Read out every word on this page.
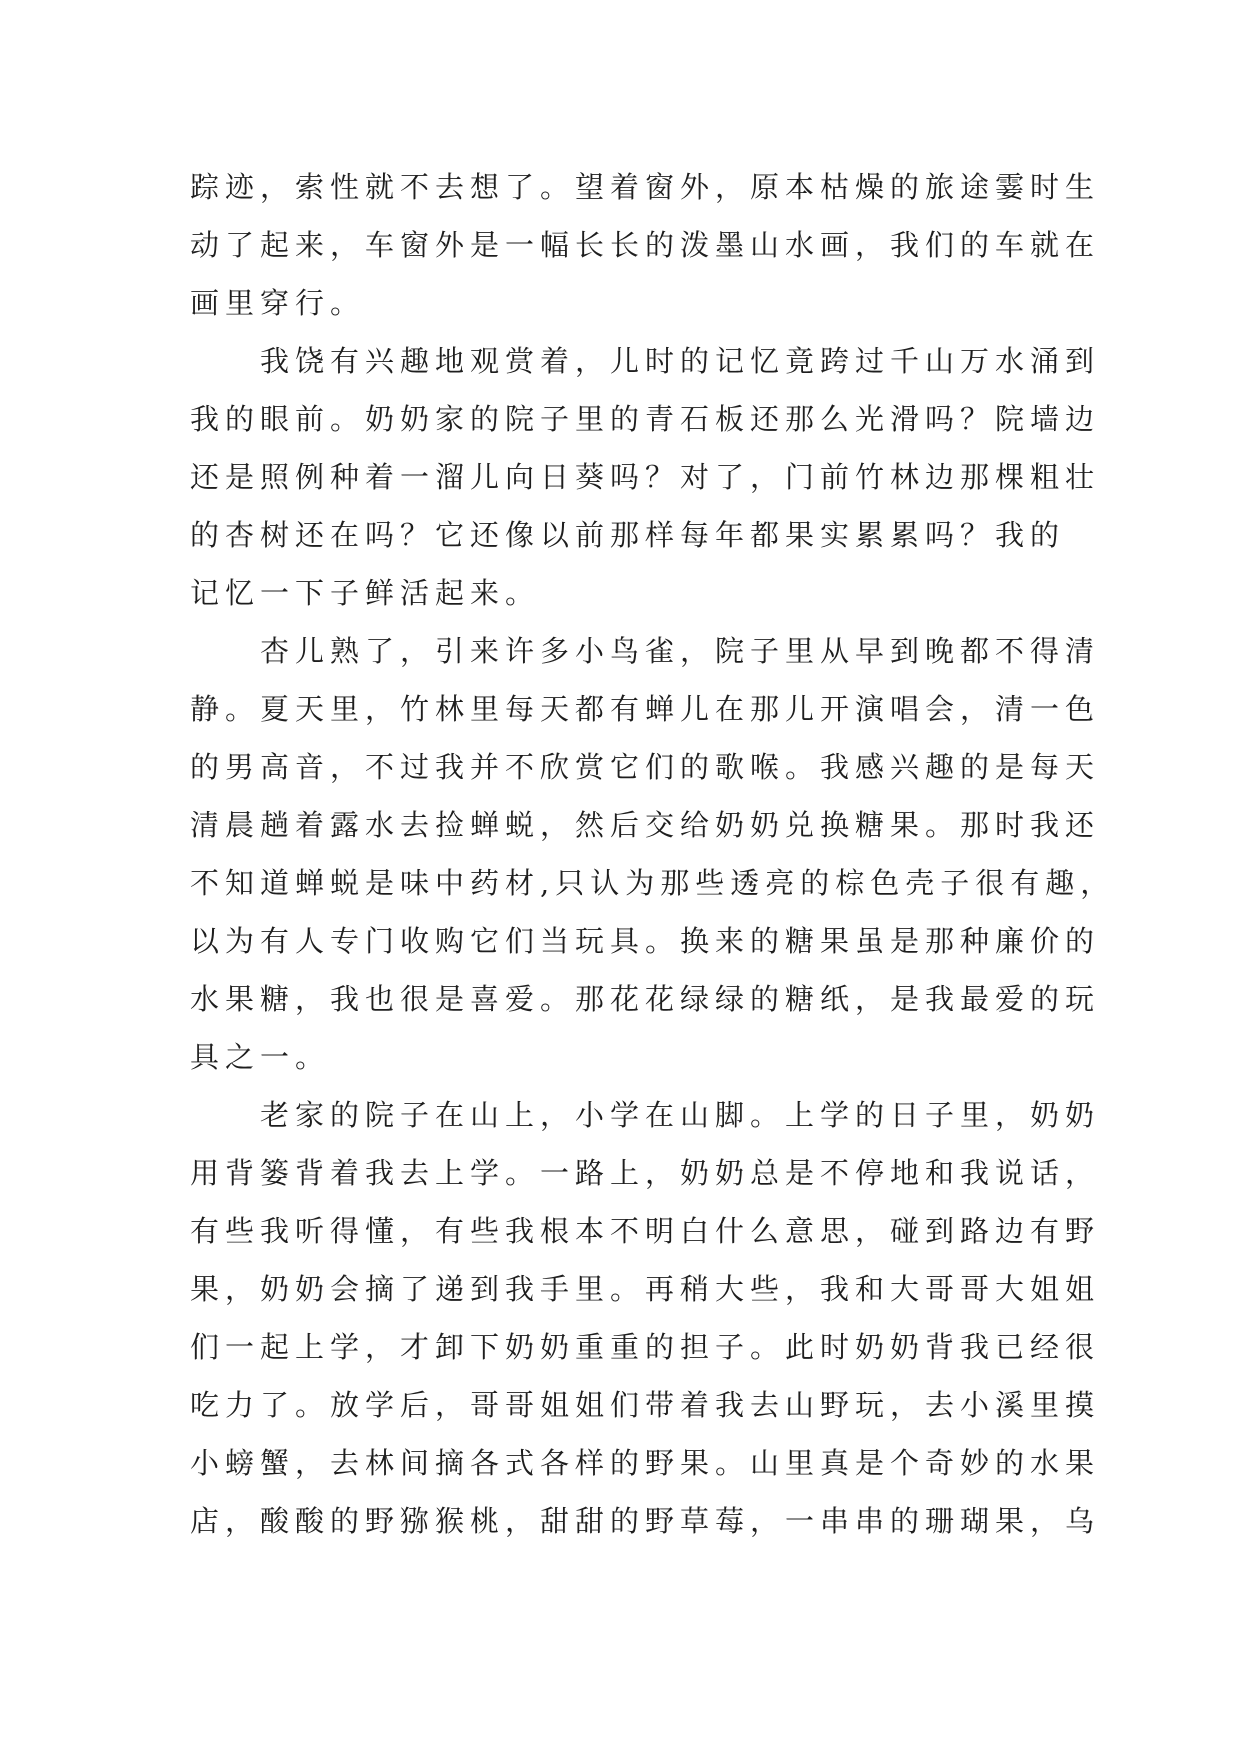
踪迹，索性就不去想了。望着窗外，原本枯燥的旅途霎时生
动了起来，车窗外是一幅长长的泼墨山水画，我们的车就在
画里穿行。
我饶有兴趣地观赏着，儿时的记忆竟跨过千山万水涌到
我的眼前。奶奶家的院子里的青石板还那么光滑吗？院墙边
还是照例种着一溜儿向日葵吗？对了，门前竹林边那棵粗壮
的杏树还在吗？它还像以前那样每年都果实累累吗？我的
记忆一下子鲜活起来。
杏儿熟了，引来许多小鸟雀，院子里从早到晚都不得清
静。夏天里，竹林里每天都有蝉儿在那儿开演唱会，清一色
的男高音，不过我并不欣赏它们的歌喉。我感兴趣的是每天
清晨趟着露水去捡蝉蜕，然后交给奶奶兑换糖果。那时我还
不知道蝉蜕是味中药材,只认为那些透亮的棕色壳子很有趣，
以为有人专门收购它们当玩具。换来的糖果虽是那种廉价的
水果糖，我也很是喜爱。那花花绿绿的糖纸，是我最爱的玩
具之一。
老家的院子在山上，小学在山脚。上学的日子里，奶奶
用背篓背着我去上学。一路上，奶奶总是不停地和我说话，
有些我听得懂，有些我根本不明白什么意思，碰到路边有野
果，奶奶会摘了递到我手里。再稍大些，我和大哥哥大姐姐
们一起上学，才卸下奶奶重重的担子。此时奶奶背我已经很
吃力了。放学后，哥哥姐姐们带着我去山野玩，去小溪里摸
小螃蟹，去林间摘各式各样的野果。山里真是个奇妙的水果
店，酸酸的野猕猴桃，甜甜的野草莓，一串串的珊瑚果，乌
